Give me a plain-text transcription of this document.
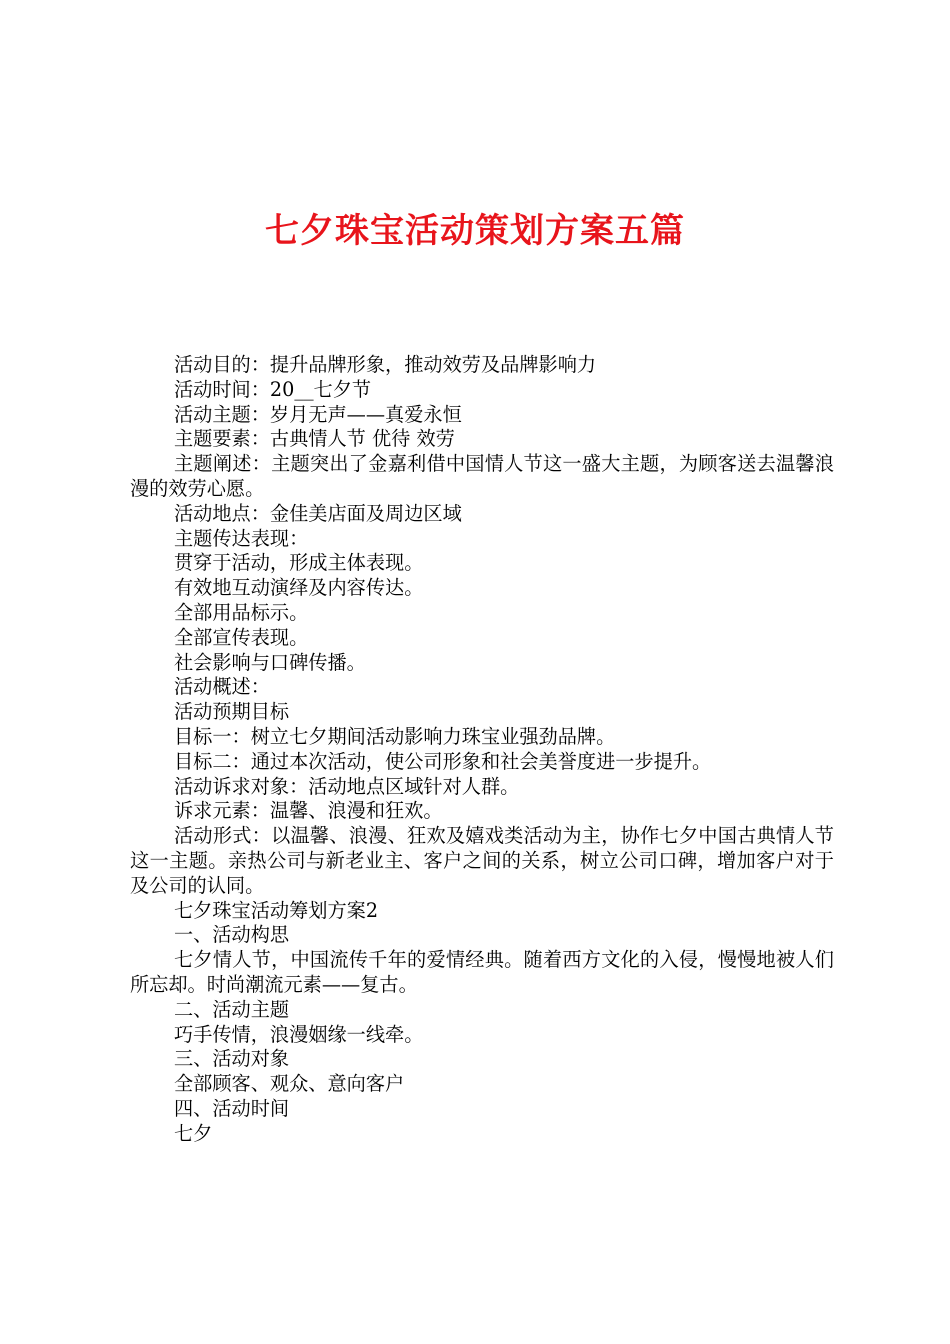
七夕珠宝活动策划方案五篇

活动目的：提升品牌形象，推动效劳及品牌影响力

活动时间：20__七夕节

活动主题：岁月无声——真爱永恒

主题要素：古典情人节 优待 效劳

主题阐述：主题突出了金嘉利借中国情人节这一盛大主题，为顾客送去温馨浪漫的效劳心愿。

活动地点：金佳美店面及周边区域

主题传达表现：

贯穿于活动，形成主体表现。

有效地互动演绎及内容传达。

全部用品标示。

全部宣传表现。

社会影响与口碑传播。

活动概述：

活动预期目标

目标一：树立七夕期间活动影响力珠宝业强劲品牌。

目标二：通过本次活动，使公司形象和社会美誉度进一步提升。

活动诉求对象：活动地点区域针对人群。

诉求元素：温馨、浪漫和狂欢。

活动形式：以温馨、浪漫、狂欢及嬉戏类活动为主，协作七夕中国古典情人节这一主题。亲热公司与新老业主、客户之间的关系，树立公司口碑，增加客户对于及公司的认同。

七夕珠宝活动筹划方案2

一、活动构思

七夕情人节，中国流传千年的爱情经典。随着西方文化的入侵，慢慢地被人们所忘却。时尚潮流元素——复古。

二、活动主题

巧手传情，浪漫姻缘一线牵。

三、活动对象

全部顾客、观众、意向客户

四、活动时间

七夕
